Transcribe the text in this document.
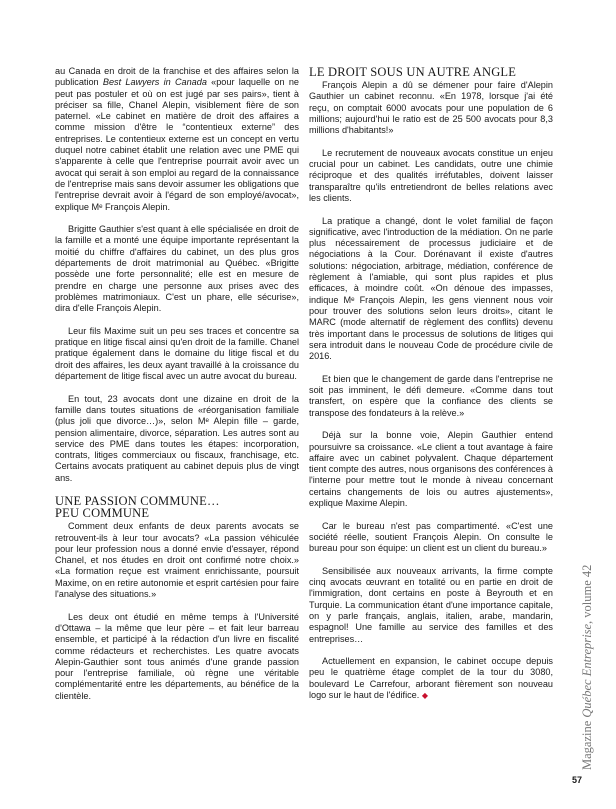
au Canada en droit de la franchise et des affaires selon la publication Best Lawyers in Canada «pour laquelle on ne peut pas postuler et où on est jugé par ses pairs», tient à préciser sa fille, Chanel Alepin, visiblement fière de son paternel. «Le cabinet en matière de droit des affaires a comme mission d'être le “contentieux externe” des entreprises. Le contentieux externe est un concept en vertu duquel notre cabinet établit une relation avec une PME qui s'apparente à celle que l'entreprise pourrait avoir avec un avocat qui serait à son emploi au regard de la connaissance de l'entreprise mais sans devoir assumer les obligations que l'entreprise devrait avoir à l'égard de son employé/avocat», explique Mᵉ François Alepin.

Brigitte Gauthier s'est quant à elle spécialisée en droit de la famille et a monté une équipe importante représentant la moitié du chiffre d'affaires du cabinet, un des plus gros départements de droit matrimonial au Québec. «Brigitte possède une forte personnalité; elle est en mesure de prendre en charge une personne aux prises avec des problèmes matrimoniaux. C'est un phare, elle sécurise», dira d'elle François Alepin.

Leur fils Maxime suit un peu ses traces et concentre sa pratique en litige fiscal ainsi qu'en droit de la famille. Chanel pratique également dans le domaine du litige fiscal et du droit des affaires, les deux ayant travaillé à la croissance du département de litige fiscal avec un autre avocat du bureau.

En tout, 23 avocats dont une dizaine en droit de la famille dans toutes situations de «réorganisation familiale (plus joli que divorce…)», selon Mᵉ Alepin fille – garde, pension alimentaire, divorce, séparation. Les autres sont au service des PME dans toutes les étapes: incorporation, contrats, litiges commerciaux ou fiscaux, franchisage, etc. Certains avocats pratiquent au cabinet depuis plus de vingt ans.

UNE PASSION COMMUNE…
PEU COMMUNE

Comment deux enfants de deux parents avocats se retrouvent-ils à leur tour avocats? «La passion véhiculée pour leur profession nous a donné envie d'essayer, répond Chanel, et nos études en droit ont confirmé notre choix.» «La formation reçue est vraiment enrichissante, poursuit Maxime, on en retire autonomie et esprit cartésien pour faire l'analyse des situations.»

Les deux ont étudié en même temps à l'Université d'Ottawa – la même que leur père – et fait leur barreau ensemble, et participé à la rédaction d'un livre en fiscalité comme rédacteurs et recherchistes. Les quatre avocats Alepin-Gauthier sont tous animés d'une grande passion pour l'entreprise familiale, où règne une véritable complémentarité entre les départements, au bénéfice de la clientèle.

LE DROIT SOUS UN AUTRE ANGLE

François Alepin a dû se démener pour faire d'Alepin Gauthier un cabinet reconnu. «En 1978, lorsque j'ai été reçu, on comptait 6000 avocats pour une population de 6 millions; aujourd'hui le ratio est de 25 500 avocats pour 8,3 millions d'habitants!»

Le recrutement de nouveaux avocats constitue un enjeu crucial pour un cabinet. Les candidats, outre une chimie réciproque et des qualités irréfutables, doivent laisser transparaître qu'ils entretiendront de belles relations avec les clients.

La pratique a changé, dont le volet familial de façon significative, avec l'introduction de la médiation. On ne parle plus nécessairement de processus judiciaire et de négociations à la Cour. Dorénavant il existe d'autres solutions: négociation, arbitrage, médiation, conférence de règlement à l'amiable, qui sont plus rapides et plus efficaces, à moindre coût. «On dénoue des impasses, indique Mᵉ François Alepin, les gens viennent nous voir pour trouver des solutions selon leurs droits», citant le MARC (mode alternatif de règlement des conflits) devenu très important dans le processus de solutions de litiges qui sera introduit dans le nouveau Code de procédure civile de 2016.

Et bien que le changement de garde dans l'entreprise ne soit pas imminent, le défi demeure. «Comme dans tout transfert, on espère que la confiance des clients se transpose des fondateurs à la relève.»

Déjà sur la bonne voie, Alepin Gauthier entend poursuivre sa croissance. «Le client a tout avantage à faire affaire avec un cabinet polyvalent. Chaque département tient compte des autres, nous organisons des conférences à l'interne pour mettre tout le monde à niveau concernant certains changements de lois ou autres ajustements», explique Maxime Alepin.

Car le bureau n'est pas compartimenté. «C'est une société réelle, soutient François Alepin. On consulte le bureau pour son équipe: un client est un client du bureau.»

Sensibilisée aux nouveaux arrivants, la firme compte cinq avocats œuvrant en totalité ou en partie en droit de l'immigration, dont certains en poste à Beyrouth et en Turquie. La communication étant d'une importance capitale, on y parle français, anglais, italien, arabe, mandarin, espagnol! Une famille au service des familles et des entreprises…

Actuellement en expansion, le cabinet occupe depuis peu le quatrième étage complet de la tour du 3080, boulevard Le Carrefour, arborant fièrement son nouveau logo sur le haut de l'édifice. ◆

Magazine Québec Entreprise, volume 42
57
